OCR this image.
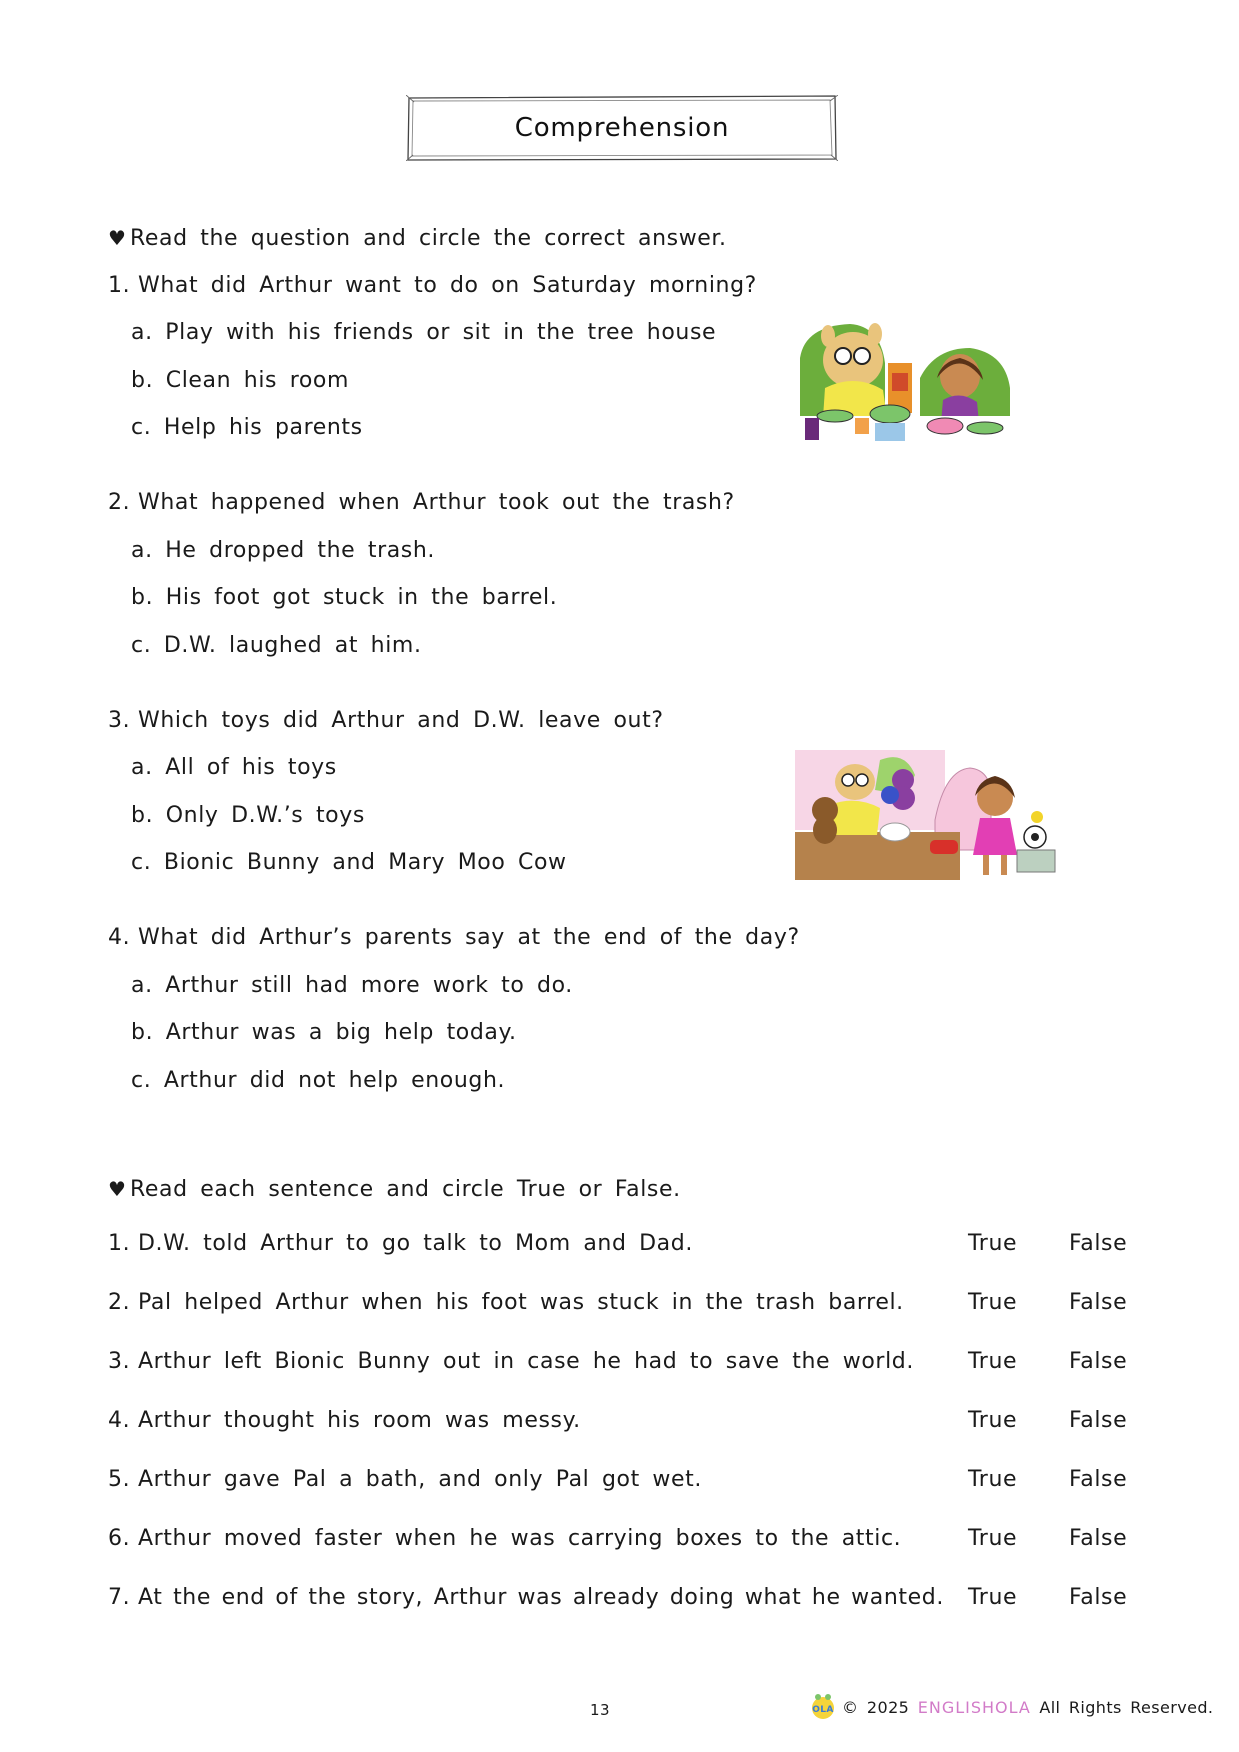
Comprehension
♥ Read the question and circle the correct answer.
1. What did Arthur want to do on Saturday morning?
a. Play with his friends or sit in the tree house
b. Clean his room
c. Help his parents
2. What happened when Arthur took out the trash?
a. He dropped the trash.
b. His foot got stuck in the barrel.
c. D.W. laughed at him.
3. Which toys did Arthur and D.W. leave out?
a. All of his toys
b. Only D.W.’s toys
c. Bionic Bunny and Mary Moo Cow
4. What did Arthur’s parents say at the end of the day?
a. Arthur still had more work to do.
b. Arthur was a big help today.
c. Arthur did not help enough.
♥ Read each sentence and circle True or False.
1. D.W. told Arthur to go talk to Mom and Dad.	True False
2. Pal helped Arthur when his foot was stuck in the trash barrel.	True False
3. Arthur left Bionic Bunny out in case he had to save the world. True False
4. Arthur thought his room was messy.	True False
5. Arthur gave Pal a bath, and only Pal got wet.	True False
6. Arthur moved faster when he was carrying boxes to the attic.	True False
7. At the end of the story, Arthur was already doing what he wanted. True False
13	OLA ©
2025
ENGLISHOLA
All Rights Reserved.
